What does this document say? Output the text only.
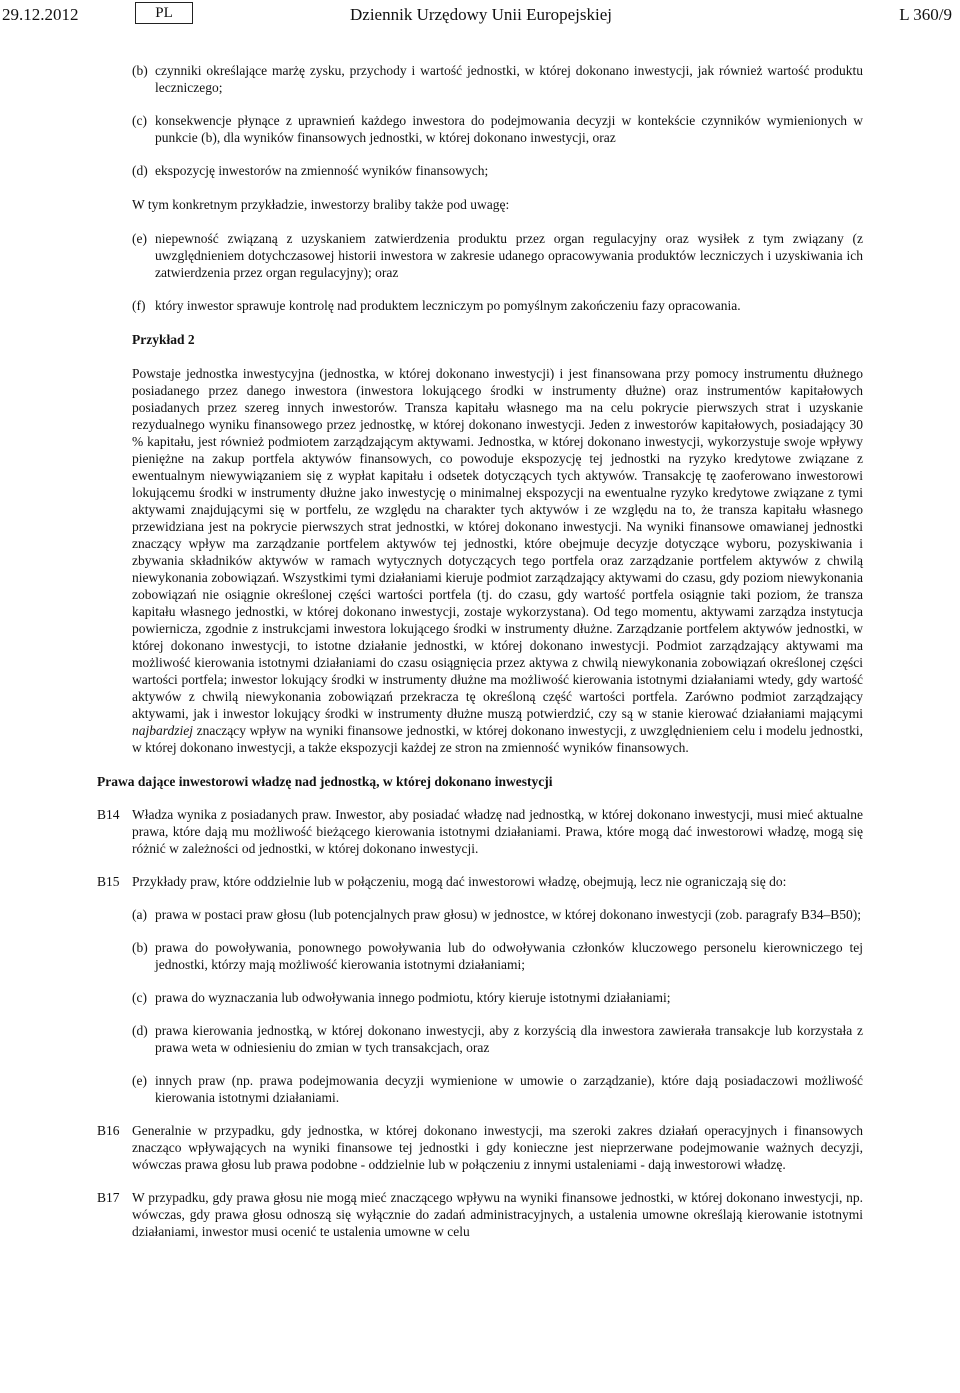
29.12.2012	PL	Dziennik Urzędowy Unii Europejskiej	L 360/9
(b) czynniki określające marżę zysku, przychody i wartość jednostki, w której dokonano inwestycji, jak również wartość produktu leczniczego;

(c) konsekwencje płynące z uprawnień każdego inwestora do podejmowania decyzji w kontekście czynników wymienionych w punkcie (b), dla wyników finansowych jednostki, w której dokonano inwestycji, oraz

(d) ekspozycję inwestorów na zmienność wyników finansowych;

W tym konkretnym przykładzie, inwestorzy braliby także pod uwagę:

(e) niepewność związaną z uzyskaniem zatwierdzenia produktu przez organ regulacyjny oraz wysiłek z tym związany (z uwzględnieniem dotychczasowej historii inwestora w zakresie udanego opracowywania produktów leczniczych i uzyskiwania ich zatwierdzenia przez organ regulacyjny); oraz

(f) który inwestor sprawuje kontrolę nad produktem leczniczym po pomyślnym zakończeniu fazy opracowania.

Przykład 2

Powstaje jednostka inwestycyjna (jednostka, w której dokonano inwestycji) i jest finansowana przy pomocy instrumentu dłużnego posiadanego przez danego inwestora (inwestora lokującego środki w instrumenty dłużne) oraz instrumentów kapitałowych posiadanych przez szereg innych inwestorów. Transza kapitału własnego ma na celu pokrycie pierwszych strat i uzyskanie rezydualnego wyniku finansowego przez jednostkę, w której dokonano inwestycji. Jeden z inwestorów kapitałowych, posiadający 30 % kapitału, jest również podmiotem zarządzającym aktywami. Jednostka, w której dokonano inwestycji, wykorzystuje swoje wpływy pieniężne na zakup portfela aktywów finansowych, co powoduje ekspozycję tej jednostki na ryzyko kredytowe związane z ewentualnym niewywiązaniem się z wypłat kapitału i odsetek dotyczących tych aktywów. Transakcję tę zaoferowano inwestorowi lokującemu środki w instrumenty dłużne jako inwestycję o minimalnej ekspozycji na ewentualne ryzyko kredytowe związane z tymi aktywami znajdującymi się w portfelu, ze względu na charakter tych aktywów i ze względu na to, że transza kapitału własnego przewidziana jest na pokrycie pierwszych strat jednostki, w której dokonano inwestycji. Na wyniki finansowe omawianej jednostki znaczący wpływ ma zarządzanie portfelem aktywów tej jednostki, które obejmuje decyzje dotyczące wyboru, pozyskiwania i zbywania składników aktywów w ramach wytycznych dotyczących tego portfela oraz zarządzanie portfelem aktywów z chwilą niewykonania zobowiązań. Wszystkimi tymi działaniami kieruje podmiot zarządzający aktywami do czasu, gdy poziom niewykonania zobowiązań nie osiągnie określonej części wartości portfela (tj. do czasu, gdy wartość portfela osiągnie taki poziom, że transza kapitału własnego jednostki, w której dokonano inwestycji, zostaje wykorzystana). Od tego momentu, aktywami zarządza instytucja powiernicza, zgodnie z instrukcjami inwestora lokującego środki w instrumenty dłużne. Zarządzanie portfelem aktywów jednostki, w której dokonano inwestycji, to istotne działanie jednostki, w której dokonano inwestycji. Podmiot zarządzający aktywami ma możliwość kierowania istotnymi działaniami do czasu osiągnięcia przez aktywa z chwilą niewykonania zobowiązań określonej części wartości portfela; inwestor lokujący środki w instrumenty dłużne ma możliwość kierowania istotnymi działaniami wtedy, gdy wartość aktywów z chwilą niewykonania zobowiązań przekracza tę określoną część wartości portfela. Zarówno podmiot zarządzający aktywami, jak i inwestor lokujący środki w instrumenty dłużne muszą potwierdzić, czy są w stanie kierować działaniami mającymi najbardziej znaczący wpływ na wyniki finansowe jednostki, w której dokonano inwestycji, z uwzględnieniem celu i modelu jednostki, w której dokonano inwestycji, a także ekspozycji każdej ze stron na zmienność wyników finansowych.

Prawa dające inwestorowi władzę nad jednostką, w której dokonano inwestycji

B14 Władza wynika z posiadanych praw. Inwestor, aby posiadać władzę nad jednostką, w której dokonano inwestycji, musi mieć aktualne prawa, które dają mu możliwość bieżącego kierowania istotnymi działaniami. Prawa, które mogą dać inwestorowi władzę, mogą się różnić w zależności od jednostki, w której dokonano inwestycji.

B15 Przykłady praw, które oddzielnie lub w połączeniu, mogą dać inwestorowi władzę, obejmują, lecz nie ograniczają się do:

(a) prawa w postaci praw głosu (lub potencjalnych praw głosu) w jednostce, w której dokonano inwestycji (zob. paragrafy B34–B50);

(b) prawa do powoływania, ponownego powoływania lub do odwoływania członków kluczowego personelu kierowniczego tej jednostki, którzy mają możliwość kierowania istotnymi działaniami;

(c) prawa do wyznaczania lub odwoływania innego podmiotu, który kieruje istotnymi działaniami;

(d) prawa kierowania jednostką, w której dokonano inwestycji, aby z korzyścią dla inwestora zawierała transakcje lub korzystała z prawa weta w odniesieniu do zmian w tych transakcjach, oraz

(e) innych praw (np. prawa podejmowania decyzji wymienione w umowie o zarządzanie), które dają posiadaczowi możliwość kierowania istotnymi działaniami.

B16 Generalnie w przypadku, gdy jednostka, w której dokonano inwestycji, ma szeroki zakres działań operacyjnych i finansowych znacząco wpływających na wyniki finansowe tej jednostki i gdy konieczne jest nieprzerwane podejmowanie ważnych decyzji, wówczas prawa głosu lub prawa podobne - oddzielnie lub w połączeniu z innymi ustaleniami - dają inwestorowi władzę.

B17 W przypadku, gdy prawa głosu nie mogą mieć znaczącego wpływu na wyniki finansowe jednostki, w której dokonano inwestycji, np. wówczas, gdy prawa głosu odnoszą się wyłącznie do zadań administracyjnych, a ustalenia umowne określają kierowanie istotnymi działaniami, inwestor musi ocenić te ustalenia umowne w celu
